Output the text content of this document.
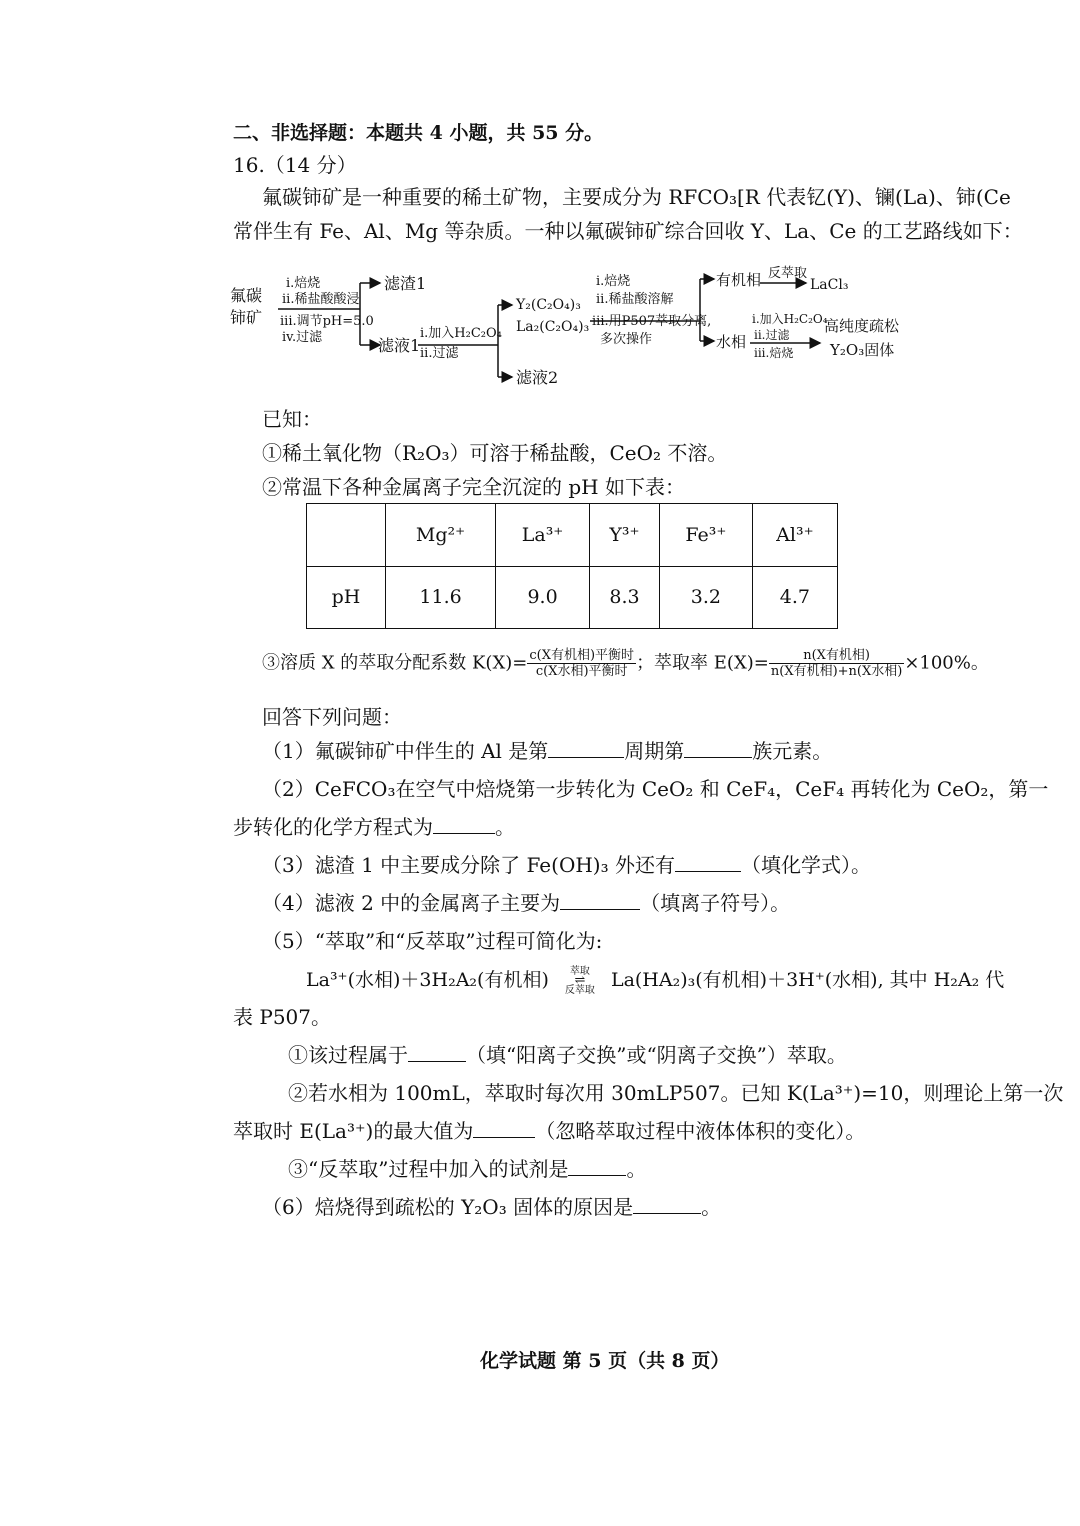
二、非选择题：本题共 4 小题，共 55 分。
16.（14 分）
氟碳铈矿是一种重要的稀土矿物，主要成分为 RFCO₃[R 代表钇(Y)、镧(La)、铈(Ce
常伴生有 Fe、Al、Mg 等杂质。一种以氟碳铈矿综合回收 Y、La、Ce 的工艺路线如下：
氟碳
铈矿
i.焙烧
ii.稀盐酸酸浸
iii.调节pH=5.0
iv.过滤
滤渣1
滤液1
i.加入H₂C₂O₄
ii.过滤
Y₂(C₂O₄)₃
La₂(C₂O₄)₃
滤液2
i.焙烧
ii.稀盐酸溶解
iii.用P507萃取分离,
多次操作
有机相 反萃取
LaCl₃
水相
i.加入H₂C₂O₄
ii.过滤
iii.焙烧
高纯度疏松
Y₂O₃固体
已知：
①稀土氧化物（R₂O₃）可溶于稀盐酸，CeO₂ 不溶。
②常温下各种金属离子完全沉淀的 pH 如下表：
	Mg²⁺	La³⁺	Y³⁺	Fe³⁺	Al³⁺
pH	11.6	9.0	8.3	3.2	4.7
③溶质 X 的萃取分配系数 $K(X)= \frac{\text{c(X有机相)平衡时}}{\text{c(X水相)平衡时}}$ ；萃取率 $E(X)= \frac{\text{n(X有机相)}}{\text{n(X有机相)+n(X水相)}} \times 100\%$。
回答下列问题：
（1）氟碳铈矿中伴生的 Al 是第	周期第	族元素。
（2）CeFCO₃在空气中焙烧第一步转化为 CeO₂ 和 CeF₄，CeF₄ 再转化为 CeO₂，第一
步转化的化学方程式为	。
（3）滤渣 1 中主要成分除了 Fe(OH)₃ 外还有	（填化学式）。
（4）滤液 2 中的金属离子主要为	（填离子符号）。
（5）“萃取”和“反萃取”过程可简化为:
La³⁺(水相)＋3H₂A₂(有机相)	萃取
⇌
反萃取 La(HA₂)₃(有机相)＋3H⁺(水相), 其中 H₂A₂ 代
表 P507。
①该过程属于	（填“阳离子交换”或“阴离子交换”）萃取。
②若水相为 100mL，萃取时每次用 30mLP507。已知 K(La³⁺)=10，则理论上第一次
萃取时 E(La³⁺)的最大值为	（忽略萃取过程中液体体积的变化）。
③“反萃取”过程中加入的试剂是	。
（6）焙烧得到疏松的 Y₂O₃ 固体的原因是	。
化学试题 第 5 页（共 8 页）
